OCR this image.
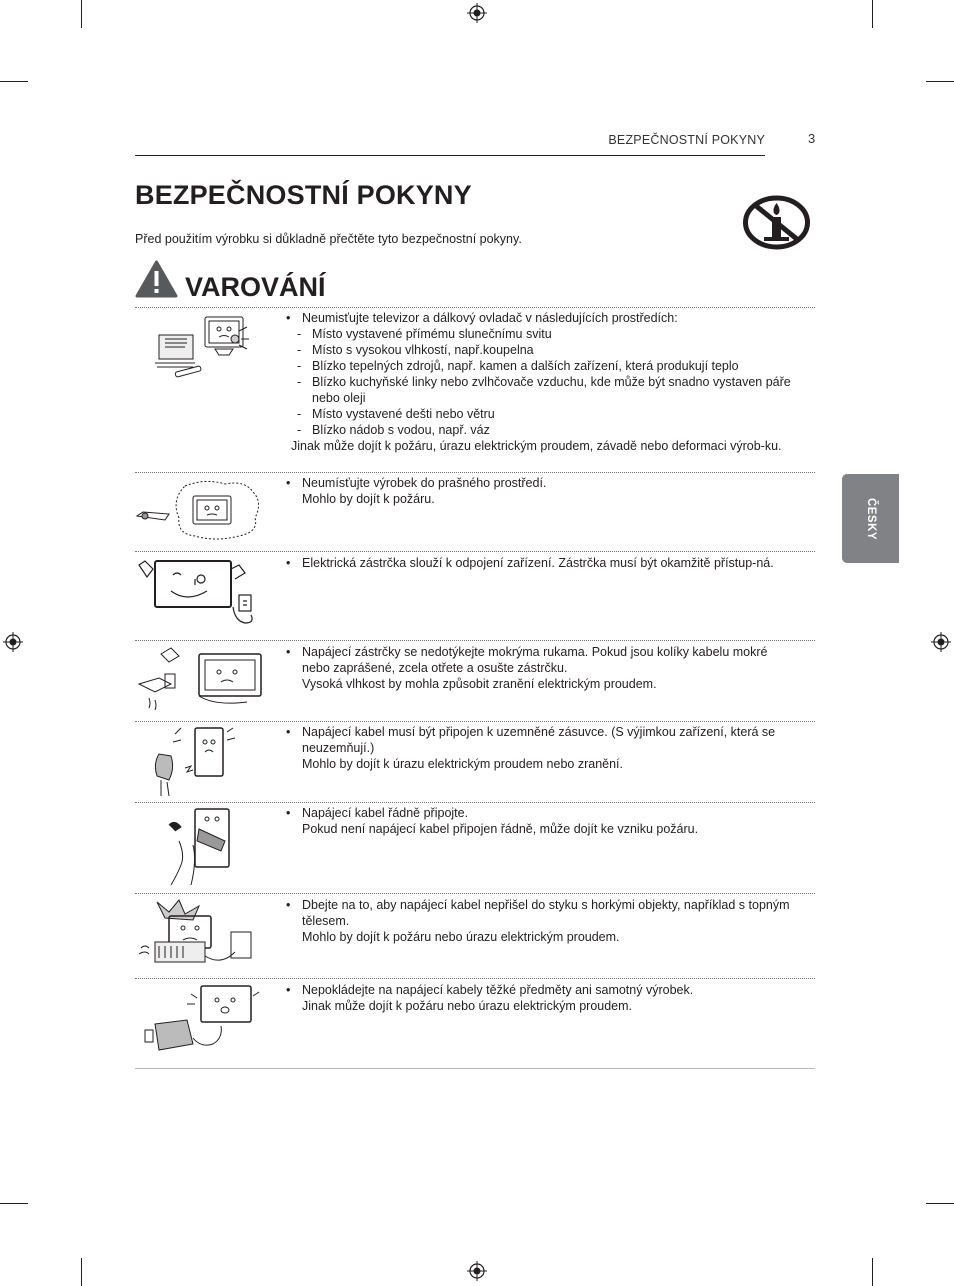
BEZPEČNOSTNÍ POKYNY	3
BEZPEČNOSTNÍ POKYNY
Před použitím výrobku si důkladně přečtěte tyto bezpečnostní pokyny.
VAROVÁNÍ
ČESKY
• Neumisťujte televizor a dálkový ovladač v následujících prostředích:
- Místo vystavené přímému slunečnímu svitu
- Místo s vysokou vlhkostí, např.koupelna
- Blízko tepelných zdrojů, např. kamen a dalších zařízení, která produkují teplo
- Blízko kuchyňské linky nebo zvlhčovače vzduchu, kde může být snadno vystaven páře nebo oleji
- Místo vystavené dešti nebo větru
- Blízko nádob s vodou, např. váz
Jinak může dojít k požáru, úrazu elektrickým proudem, závadě nebo deformaci výrob-ku.
• Neumísťujte výrobek do prašného prostředí.
Mohlo by dojít k požáru.
• Elektrická zástrčka slouží k odpojení zařízení. Zástrčka musí být okamžitě přístup-ná.
• Napájecí zástrčky se nedotýkejte mokrýma rukama. Pokud jsou kolíky kabelu mokré nebo zaprášené, zcela otřete a osušte zástrčku.
Vysoká vlhkost by mohla způsobit zranění elektrickým proudem.
• Napájecí kabel musí být připojen k uzemněné zásuvce. (S výjimkou zařízení, která se neuzemňují.)
Mohlo by dojít k úrazu elektrickým proudem nebo zranění.
• Napájecí kabel řádně připojte.
Pokud není napájecí kabel připojen řádně, může dojít ke vzniku požáru.
• Dbejte na to, aby napájecí kabel nepřišel do styku s horkými objekty, například s topným tělesem.
Mohlo by dojít k požáru nebo úrazu elektrickým proudem.
• Nepokládejte na napájecí kabely těžké předměty ani samotný výrobek.
Jinak může dojít k požáru nebo úrazu elektrickým proudem.
